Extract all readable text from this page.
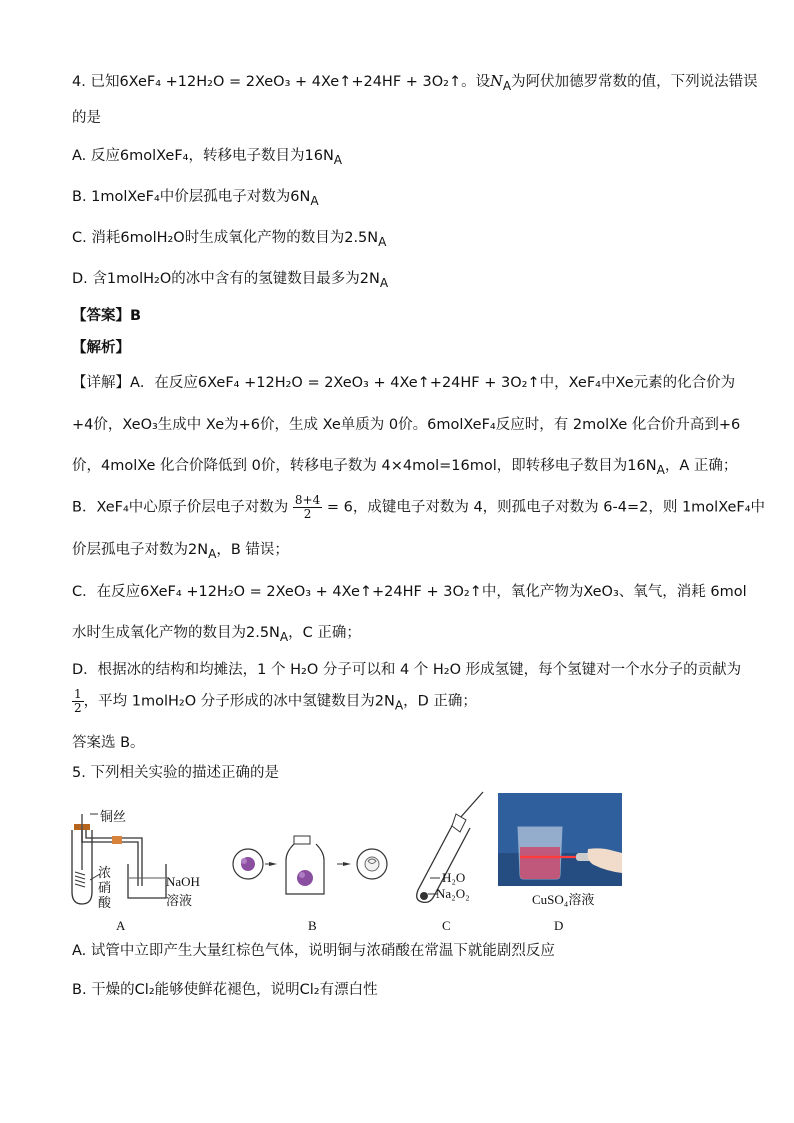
4. 已知6XeF₄ +12H₂O = 2XeO₃ + 4Xe↑+24HF + 3O₂↑。设$N_A$为阿伏加德罗常数的值，下列说法错误
的是
A. 反应6molXeF₄，转移电子数目为$16N_A$
B. 1molXeF₄中价层孤电子对数为$6N_A$
C. 消耗6molH₂O时生成氧化产物的数目为$2.5N_A$
D. 含1molH₂O的冰中含有的氢键数目最多为$2N_A$
【答案】B
【解析】
【详解】A．在反应6XeF₄ +12H₂O = 2XeO₃ + 4Xe↑+24HF + 3O₂↑中，XeF₄中Xe元素的化合价为
+4价，XeO₃生成中 Xe为+6价，生成 Xe单质为 0价。6molXeF₄反应时，有 2molXe 化合价升高到+6
价，4molXe 化合价降低到 0价，转移电子数为 4×4mol=16mol，即转移电子数目为$16N_A$，A 正确；
B．XeF₄中心原子价层电子对数为 $\frac{8+4}{2} = 6$，成键电子对数为 4，则孤电子对数为 6-4=2，则 1molXeF₄中
价层孤电子对数为$2N_A$，B 错误；
C．在反应6XeF₄ +12H₂O = 2XeO₃ + 4Xe↑+24HF + 3O₂↑中，氧化产物为XeO₃、氧气，消耗 6mol
水时生成氧化产物的数目为$2.5N_A$，C 正确；
D．根据冰的结构和均摊法，1 个 H₂O 分子可以和 4 个 H₂O 形成氢键，每个氢键对一个水分子的贡献为
$\frac{1}{2}$ ，平均 1molH₂O 分子形成的冰中氢键数目为$2N_A$，D 正确；
答案选 B。
5. 下列相关实验的描述正确的是
铜丝
浓
硝
酸
NaOH
溶液
A	B
H₂O
Na₂O₂
C
CuSO₄溶液
D
A. 试管中立即产生大量红棕色气体，说明铜与浓硝酸在常温下就能剧烈反应
B. 干燥的Cl₂能够使鲜花褪色，说明Cl₂有漂白性
